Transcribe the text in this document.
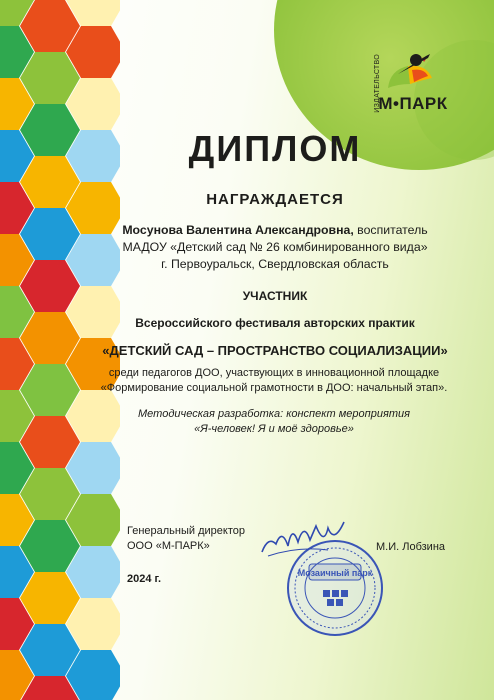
ИЗДАТЕЛЬСТВО
М•ПАРК
ДИПЛОМ
НАГРАЖДАЕТСЯ
Мосунова Валентина Александровна, воспитатель
МАДОУ «Детский сад № 26 комбинированного вида»
г. Первоуральск, Свердловская область
УЧАСТНИК
Всероссийского фестиваля авторских практик
«ДЕТСКИЙ САД – ПРОСТРАНСТВО СОЦИАЛИЗАЦИИ»
среди педагогов ДОО, участвующих в инновационной площадке
«Формирование социальной грамотности в ДОО: начальный этап».
Методическая разработка: конспект мероприятия
«Я-человек! Я и моё здоровье»
Генеральный директор
ООО «М-ПАРК»
2024 г.	Мозаичный парк
М.И. Лобзина
